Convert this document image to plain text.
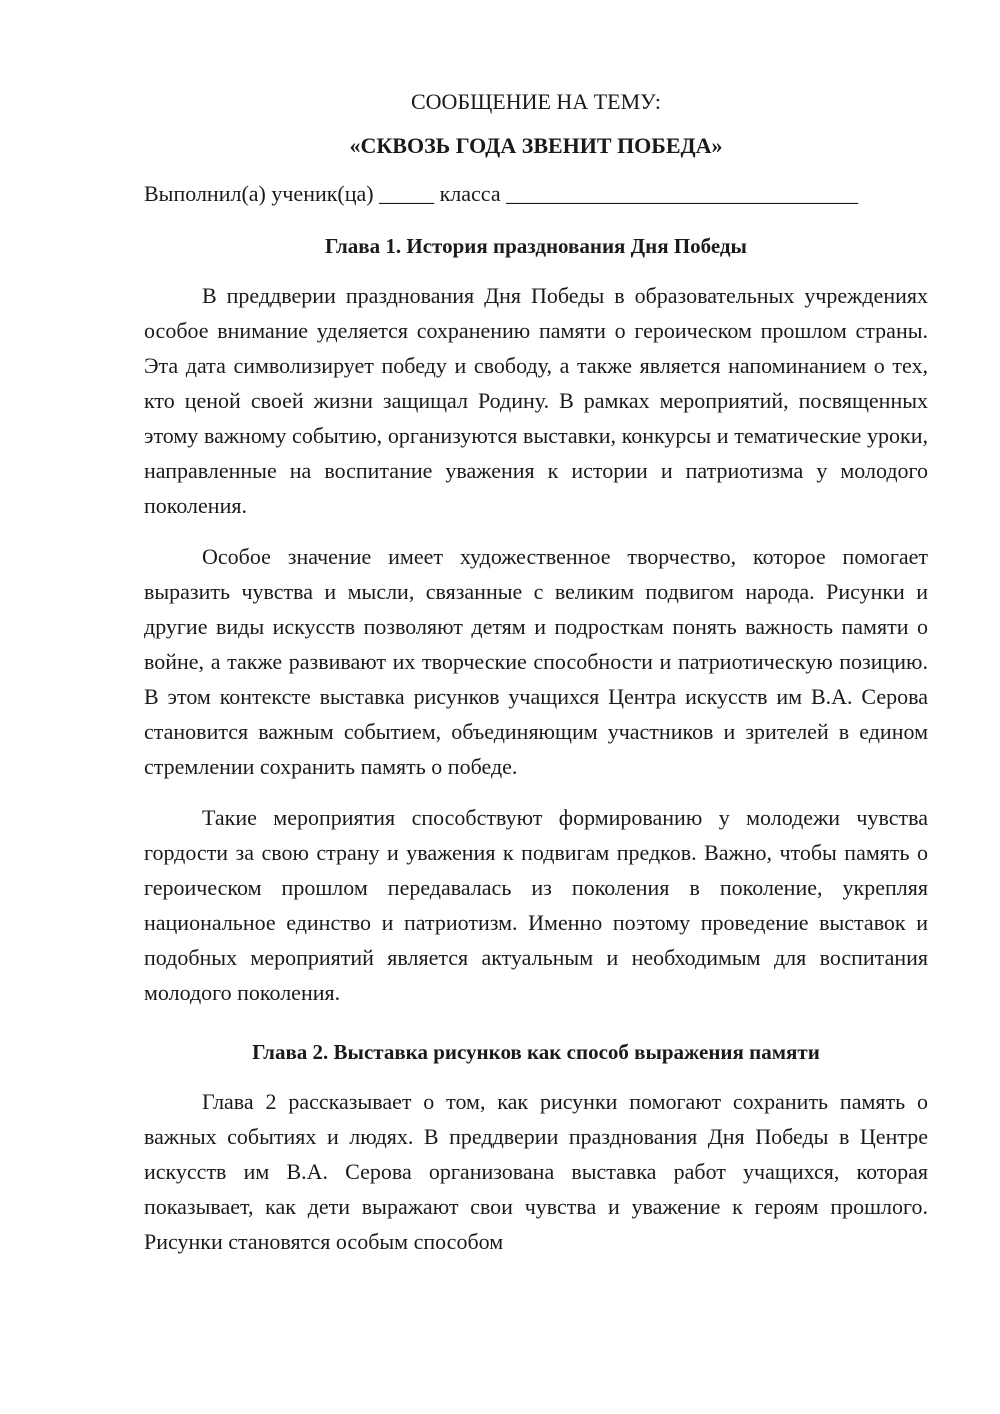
СООБЩЕНИЕ НА ТЕМУ:

«СКВОЗЬ ГОДА ЗВЕНИТ ПОБЕДА»

Выполнил(а) ученик(ца) _____ класса ________________________________
Глава 1. История празднования Дня Победы

В преддверии празднования Дня Победы в образовательных учреждениях особое внимание уделяется сохранению памяти о героическом прошлом страны. Эта дата символизирует победу и свободу, а также является напоминанием о тех, кто ценой своей жизни защищал Родину. В рамках мероприятий, посвященных этому важному событию, организуются выставки, конкурсы и тематические уроки, направленные на воспитание уважения к истории и патриотизма у молодого поколения.

Особое значение имеет художественное творчество, которое помогает выразить чувства и мысли, связанные с великим подвигом народа. Рисунки и другие виды искусств позволяют детям и подросткам понять важность памяти о войне, а также развивают их творческие способности и патриотическую позицию. В этом контексте выставка рисунков учащихся Центра искусств им В.А. Серова становится важным событием, объединяющим участников и зрителей в едином стремлении сохранить память о победе.

Такие мероприятия способствуют формированию у молодежи чувства гордости за свою страну и уважения к подвигам предков. Важно, чтобы память о героическом прошлом передавалась из поколения в поколение, укрепляя национальное единство и патриотизм. Именно поэтому проведение выставок и подобных мероприятий является актуальным и необходимым для воспитания молодого поколения.

Глава 2. Выставка рисунков как способ выражения памяти

Глава 2 рассказывает о том, как рисунки помогают сохранить память о важных событиях и людях. В преддверии празднования Дня Победы в Центре искусств им В.А. Серова организована выставка работ учащихся, которая показывает, как дети выражают свои чувства и уважение к героям прошлого. Рисунки становятся особым способом
